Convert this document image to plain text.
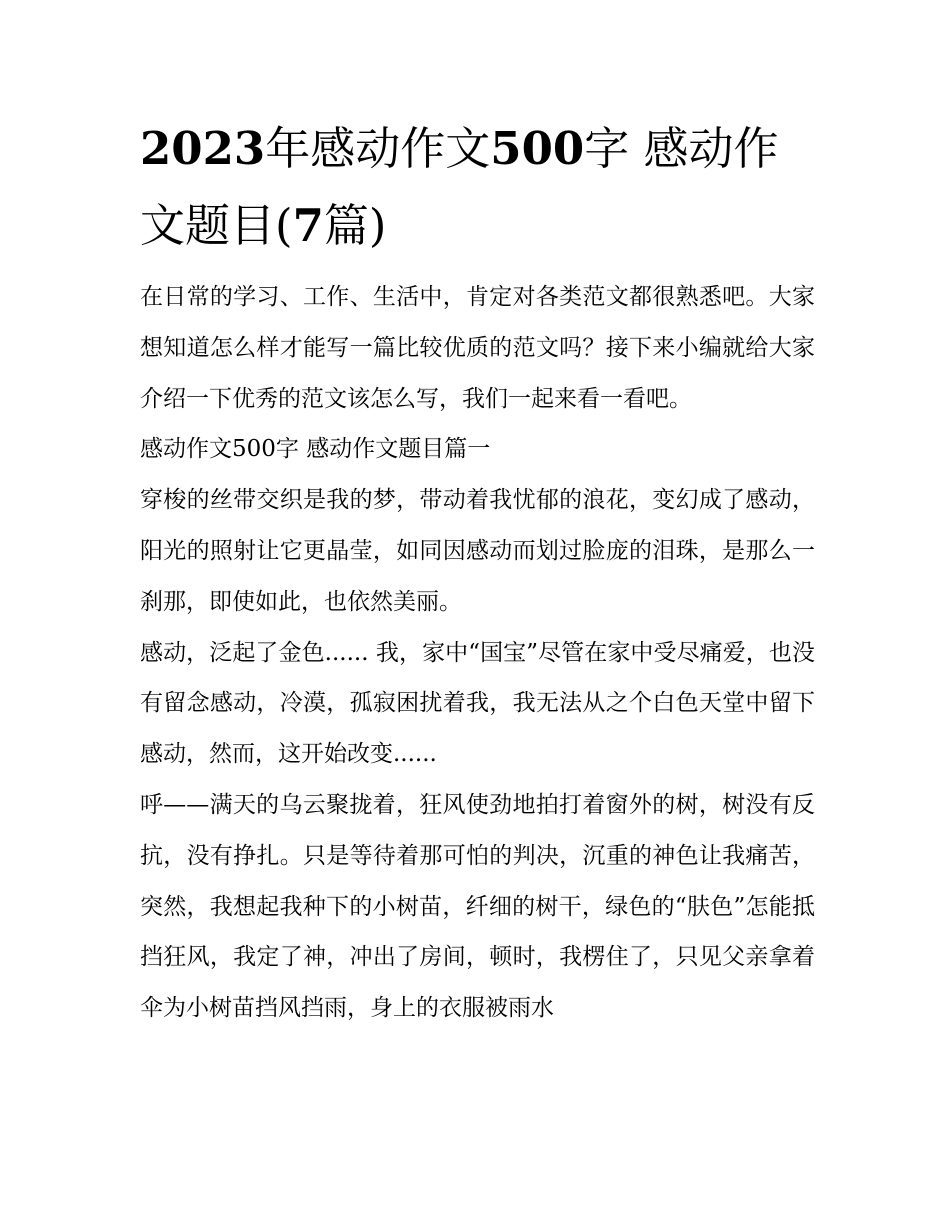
2023年感动作文500字 感动作文题目(7篇)

在日常的学习、工作、生活中，肯定对各类范文都很熟悉吧。大家想知道怎么样才能写一篇比较优质的范文吗？接下来小编就给大家介绍一下优秀的范文该怎么写，我们一起来看一看吧。

感动作文500字 感动作文题目篇一

穿梭的丝带交织是我的梦，带动着我忧郁的浪花，变幻成了感动，阳光的照射让它更晶莹，如同因感动而划过脸庞的泪珠，是那么一刹那，即使如此，也依然美丽。

感动，泛起了金色...... 我，家中“国宝”尽管在家中受尽痛爱，也没有留念感动，冷漠，孤寂困扰着我，我无法从之个白色天堂中留下感动，然而，这开始改变......

呼——满天的乌云聚拢着，狂风使劲地拍打着窗外的树，树没有反抗，没有挣扎。只是等待着那可怕的判决，沉重的神色让我痛苦，突然，我想起我种下的小树苗，纤细的树干，绿色的“肤色”怎能抵挡狂风，我定了神，冲出了房间，顿时，我楞住了，只见父亲拿着伞为小树苗挡风挡雨，身上的衣服被雨水
